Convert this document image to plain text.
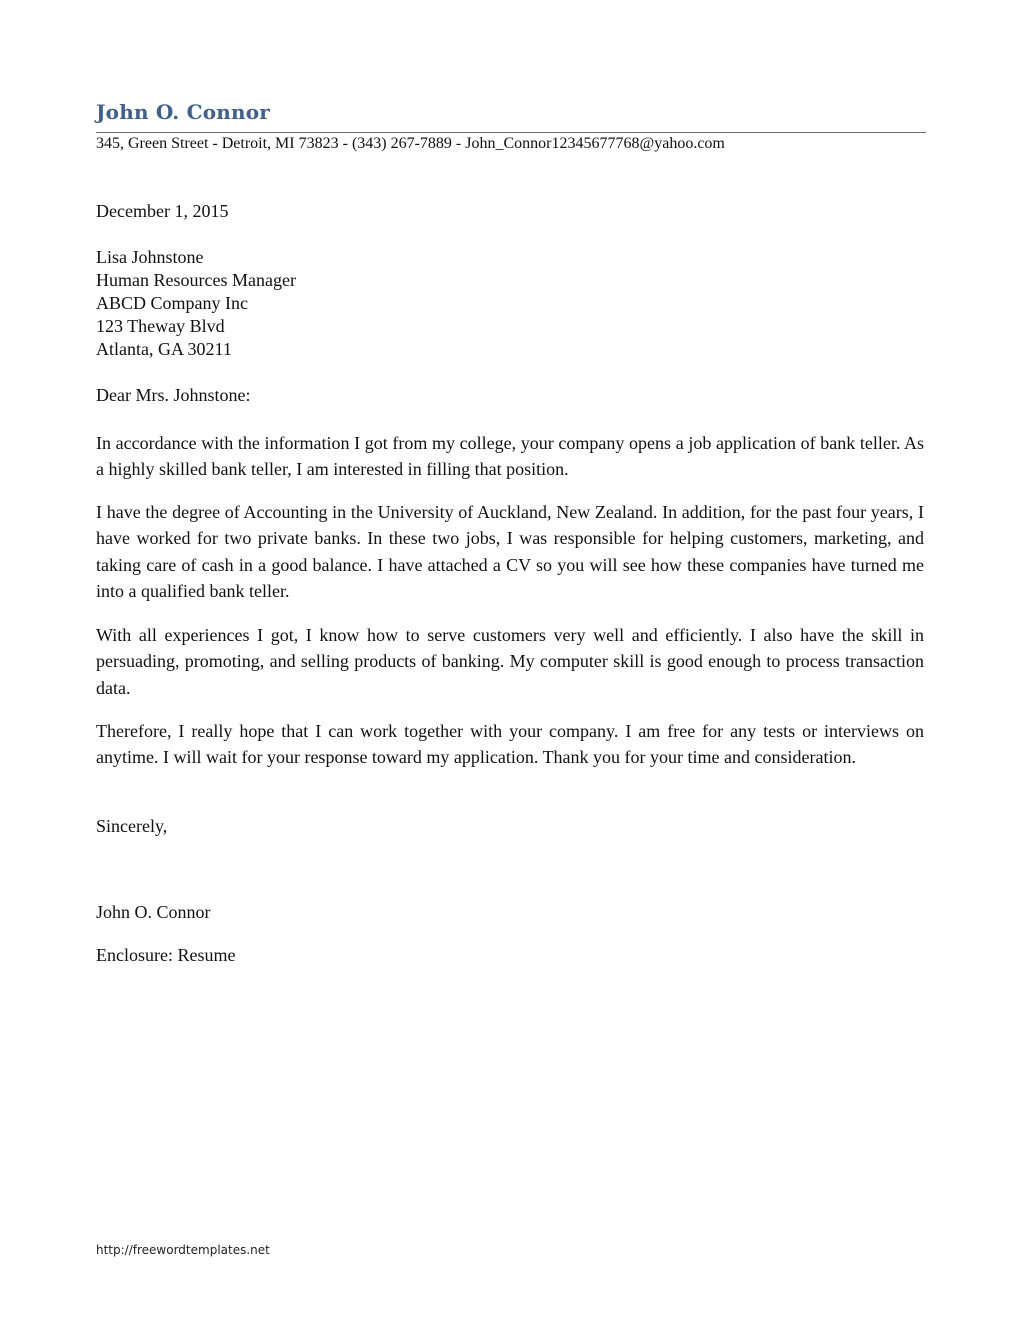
John O. Connor
345, Green Street - Detroit, MI 73823 - (343) 267-7889 - John_Connor12345677768@yahoo.com
December 1, 2015
Lisa Johnstone
Human Resources Manager
ABCD Company Inc
123 Theway Blvd
Atlanta, GA 30211
Dear Mrs. Johnstone:

In accordance with the information I got from my college, your company opens a job application of bank teller. As a highly skilled bank teller, I am interested in filling that position.

I have the degree of Accounting in the University of Auckland, New Zealand. In addition, for the past four years, I have worked for two private banks. In these two jobs, I was responsible for helping customers, marketing, and taking care of cash in a good balance. I have attached a CV so you will see how these companies have turned me into a qualified bank teller.

With all experiences I got, I know how to serve customers very well and efficiently. I also have the skill in persuading, promoting, and selling products of banking. My computer skill is good enough to process transaction data.

Therefore, I really hope that I can work together with your company. I am free for any tests or interviews on anytime. I will wait for your response toward my application. Thank you for your time and consideration.

Sincerely,
John O. Connor
Enclosure: Resume
http://freewordtemplates.net
